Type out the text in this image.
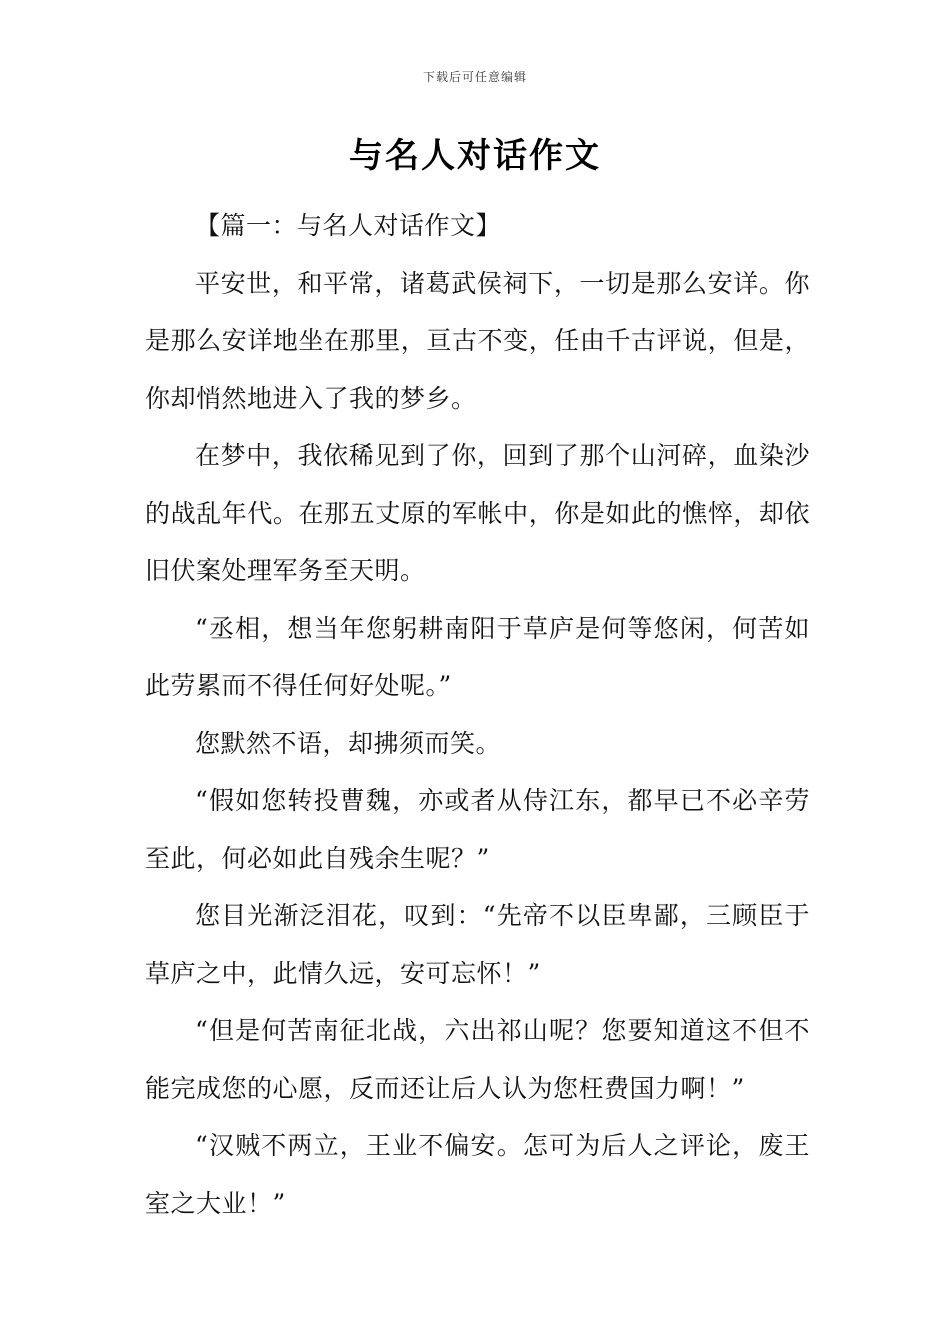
下载后可任意编辑
与名人对话作文

【篇一：与名人对话作文】

平安世，和平常，诸葛武侯祠下，一切是那么安详。你是那么安详地坐在那里，亘古不变，任由千古评说，但是，你却悄然地进入了我的梦乡。

在梦中，我依稀见到了你，回到了那个山河碎，血染沙的战乱年代。在那五丈原的军帐中，你是如此的憔悴，却依旧伏案处理军务至天明。

“丞相，想当年您躬耕南阳于草庐是何等悠闲，何苦如此劳累而不得任何好处呢。”

您默然不语，却拂须而笑。

“假如您转投曹魏，亦或者从侍江东，都早已不必辛劳至此，何必如此自残余生呢？”

您目光渐泛泪花，叹到：“先帝不以臣卑鄙，三顾臣于草庐之中，此情久远，安可忘怀！”

“但是何苦南征北战，六出祁山呢？您要知道这不但不能完成您的心愿，反而还让后人认为您枉费国力啊！”

“汉贼不两立，王业不偏安。怎可为后人之评论，废王室之大业！”
